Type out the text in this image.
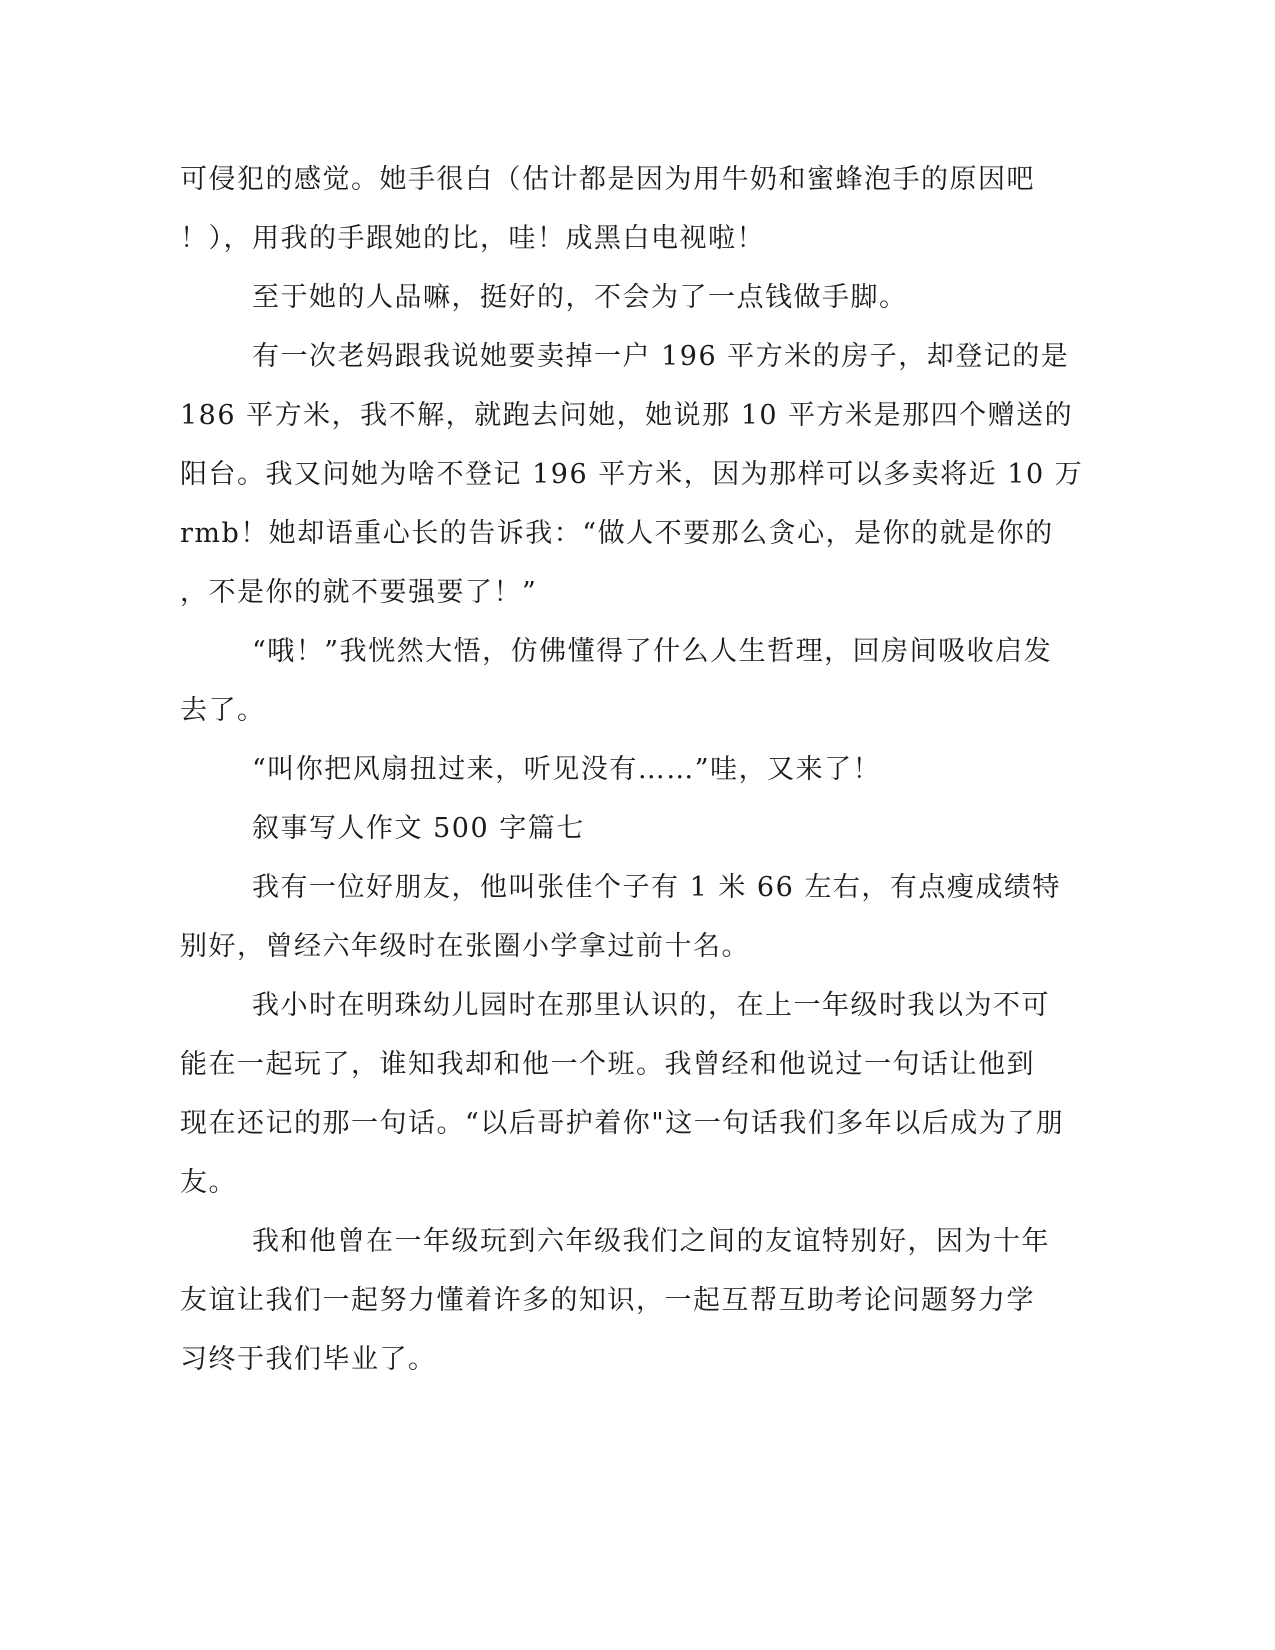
可侵犯的感觉。她手很白（估计都是因为用牛奶和蜜蜂泡手的原因吧

！），用我的手跟她的比，哇！成黑白电视啦！

至于她的人品嘛，挺好的，不会为了一点钱做手脚。

有一次老妈跟我说她要卖掉一户 196 平方米的房子，却登记的是

186 平方米，我不解，就跑去问她，她说那 10 平方米是那四个赠送的

阳台。我又问她为啥不登记 196 平方米，因为那样可以多卖将近 10 万

rmb！她却语重心长的告诉我：“做人不要那么贪心，是你的就是你的

，不是你的就不要强要了！”

“哦！”我恍然大悟，仿佛懂得了什么人生哲理，回房间吸收启发

去了。

“叫你把风扇扭过来，听见没有……”哇，又来了！

叙事写人作文 500 字篇七

我有一位好朋友，他叫张佳个子有 1 米 66 左右，有点瘦成绩特

别好，曾经六年级时在张圈小学拿过前十名。

我小时在明珠幼儿园时在那里认识的，在上一年级时我以为不可

能在一起玩了，谁知我却和他一个班。我曾经和他说过一句话让他到

现在还记的那一句话。“以后哥护着你"这一句话我们多年以后成为了朋

友。

我和他曾在一年级玩到六年级我们之间的友谊特别好，因为十年

友谊让我们一起努力懂着许多的知识，一起互帮互助考论问题努力学

习终于我们毕业了。
